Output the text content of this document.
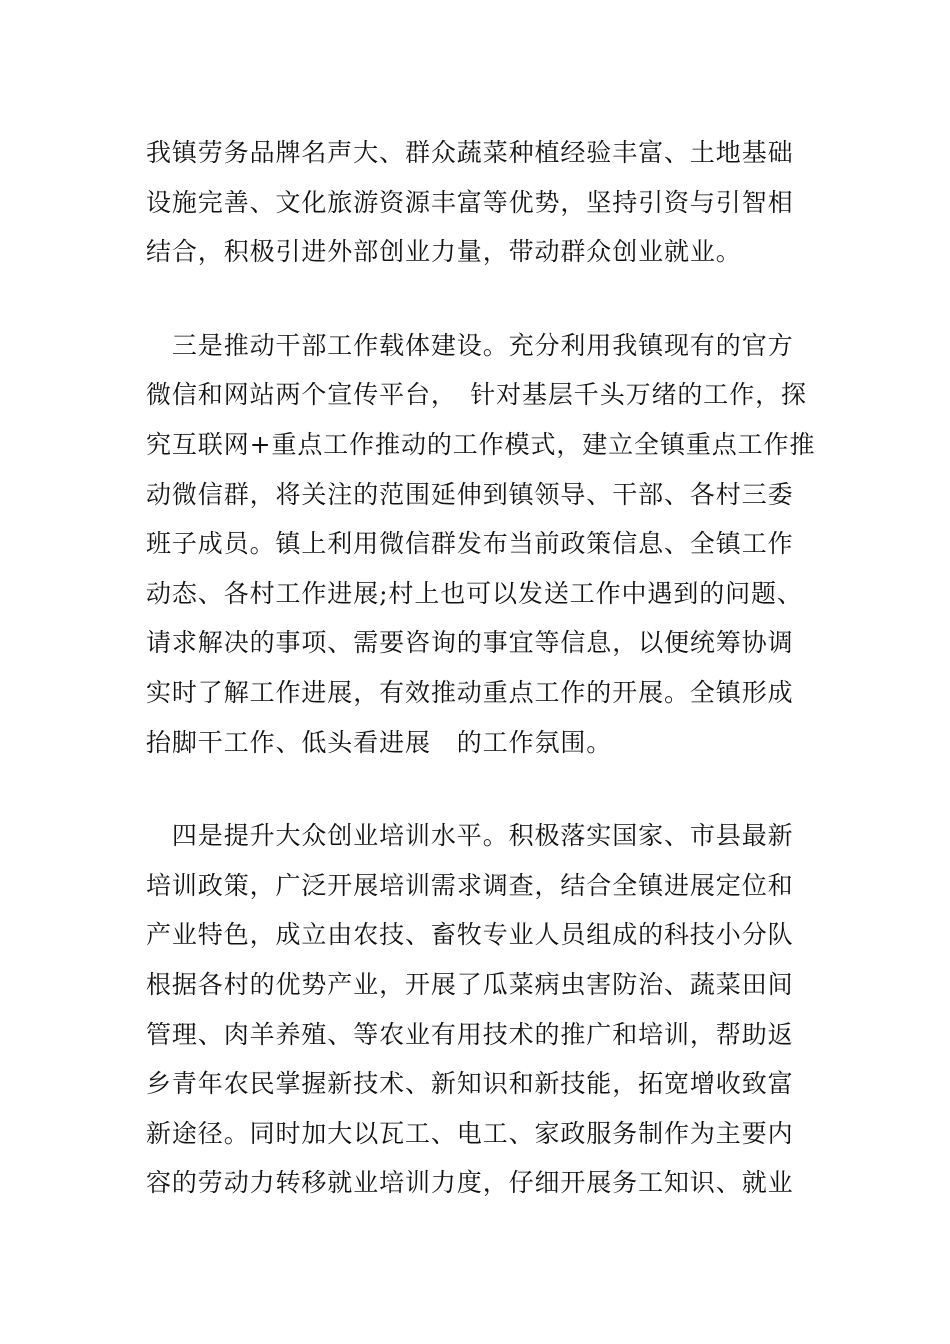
我镇劳务品牌名声大、群众蔬菜种植经验丰富、土地基础
设施完善、文化旅游资源丰富等优势，坚持引资与引智相
结合，积极引进外部创业力量，带动群众创业就业。
　三是推动干部工作载体建设。充分利用我镇现有的官方
微信和网站两个宣传平台，　针对基层千头万绪的工作，探
究互联网+重点工作推动的工作模式，建立全镇重点工作推
动微信群，将关注的范围延伸到镇领导、干部、各村三委
班子成员。镇上利用微信群发布当前政策信息、全镇工作
动态、各村工作进展;村上也可以发送工作中遇到的问题、
请求解决的事项、需要咨询的事宜等信息，以便统筹协调
实时了解工作进展，有效推动重点工作的开展。全镇形成
抬脚干工作、低头看进展　的工作氛围。
　四是提升大众创业培训水平。积极落实国家、市县最新
培训政策，广泛开展培训需求调查，结合全镇进展定位和
产业特色，成立由农技、畜牧专业人员组成的科技小分队
根据各村的优势产业，开展了瓜菜病虫害防治、蔬菜田间
管理、肉羊养殖、等农业有用技术的推广和培训，帮助返
乡青年农民掌握新技术、新知识和新技能，拓宽增收致富
新途径。同时加大以瓦工、电工、家政服务制作为主要内
容的劳动力转移就业培训力度，仔细开展务工知识、就业
